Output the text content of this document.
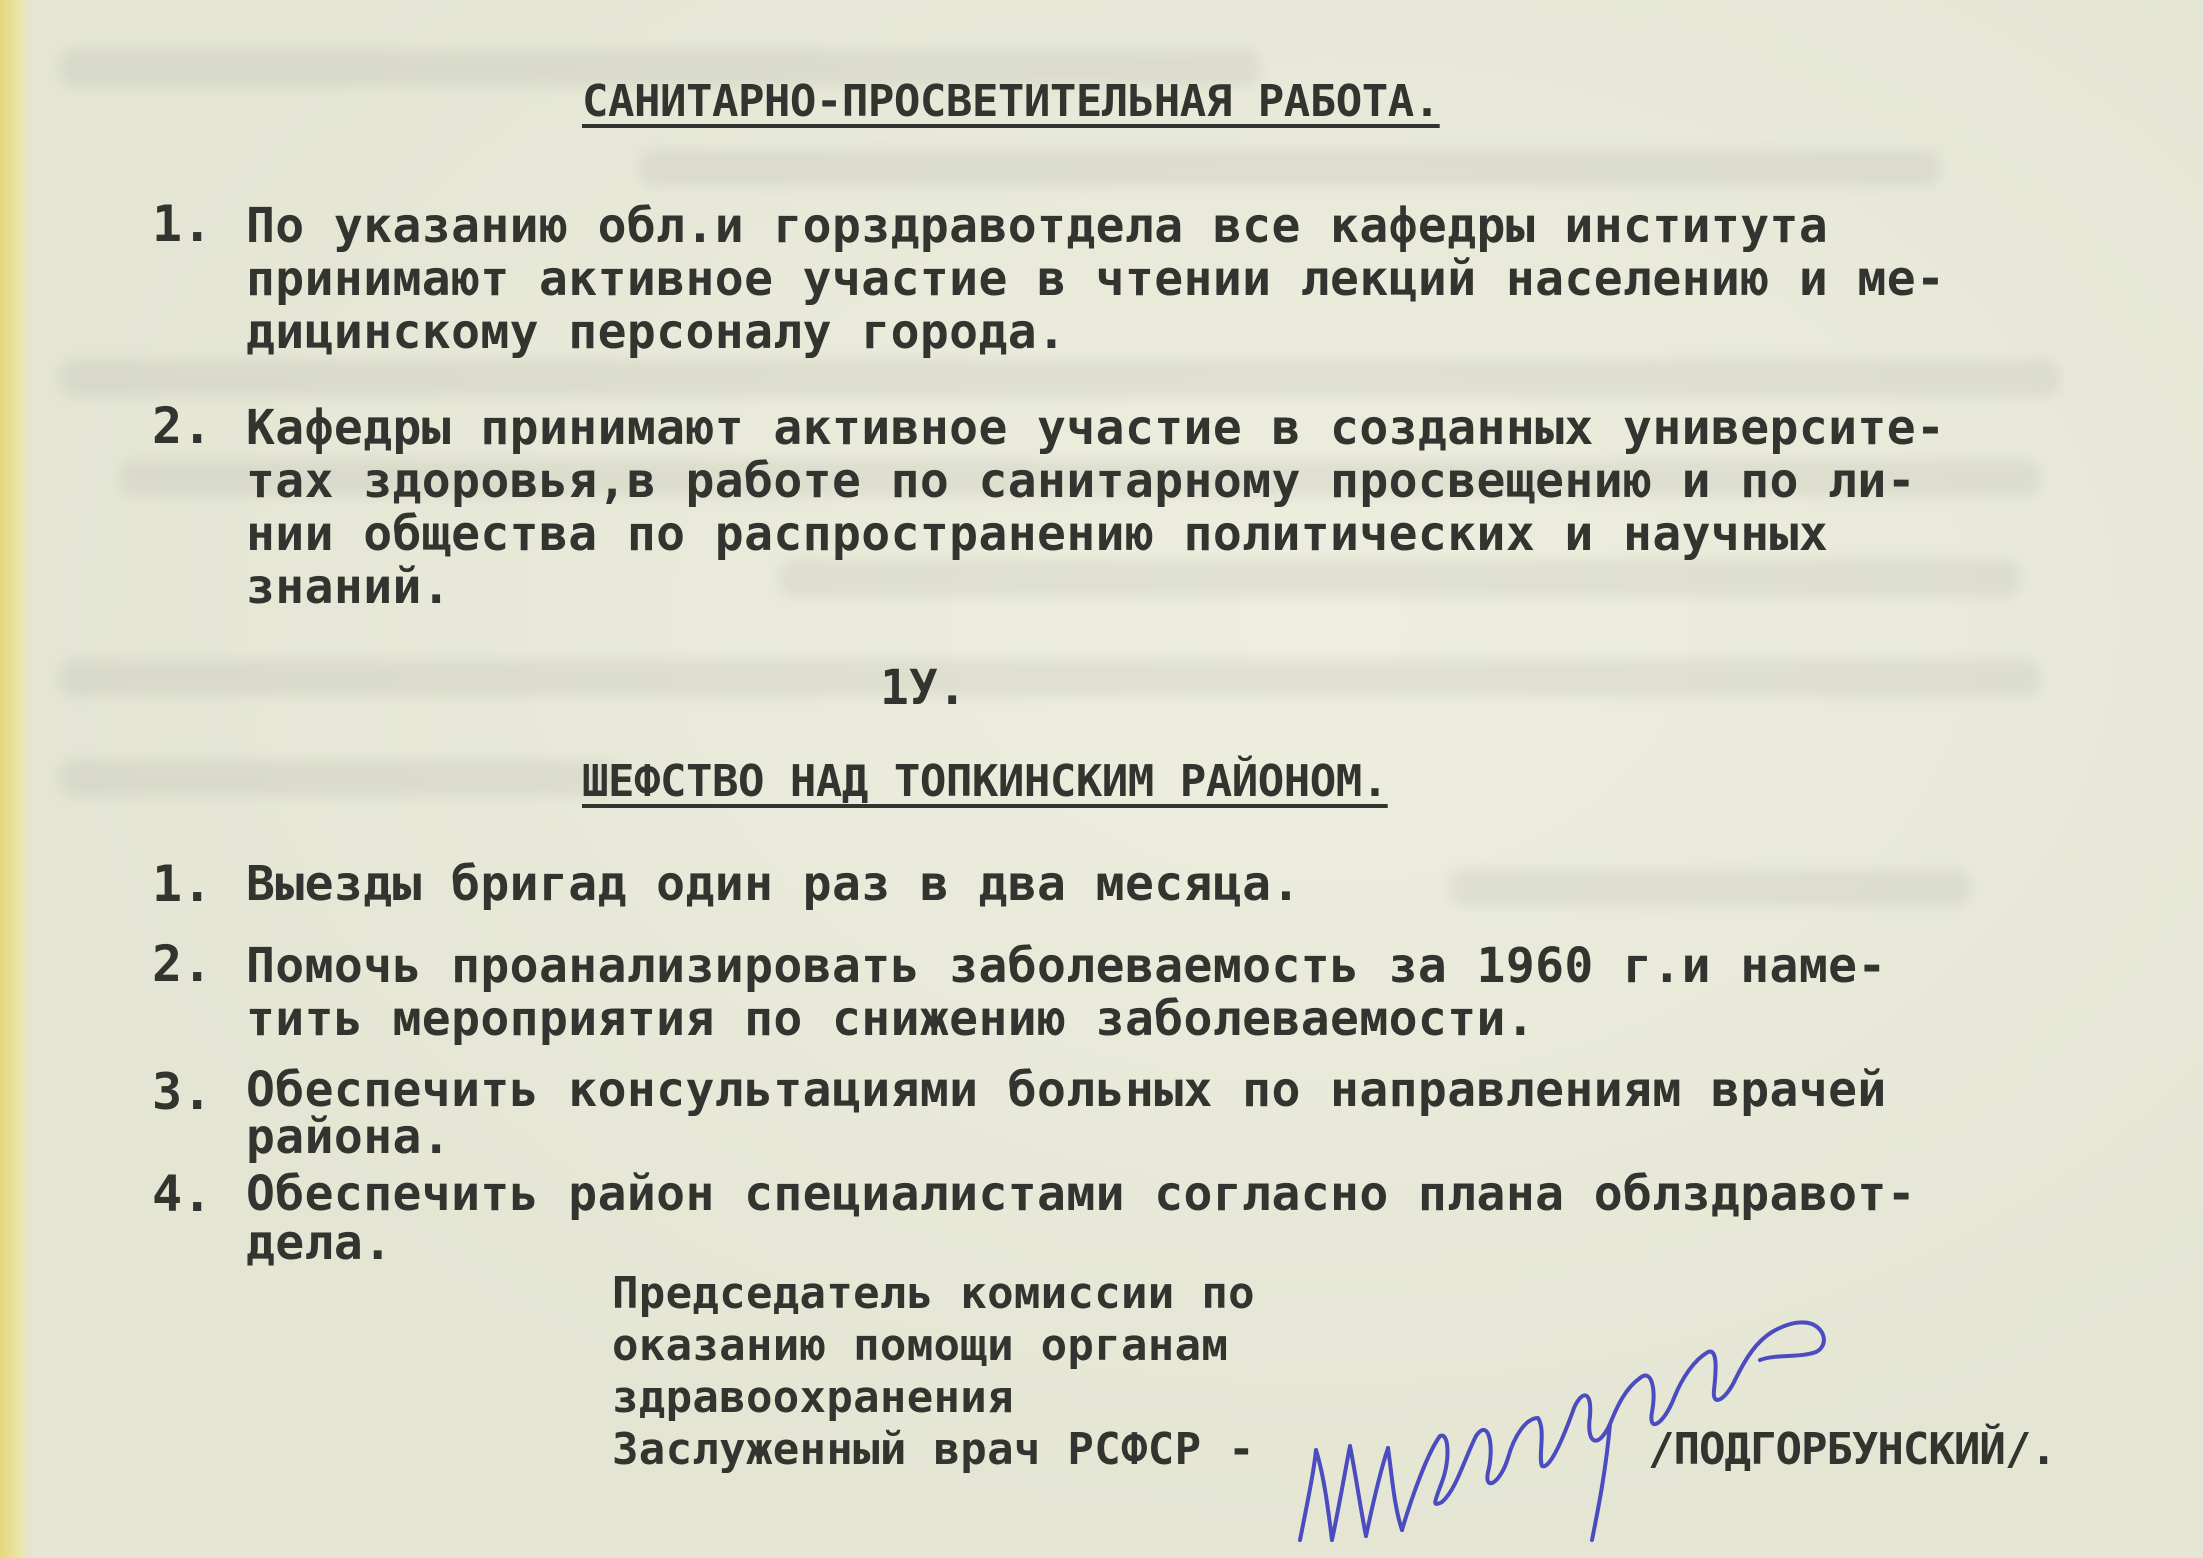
САНИТАРНО-ПРОСВЕТИТЕЛЬНАЯ РАБОТА.
1. По указанию обл.и горздравотдела все кафедры института
принимают активное участие в чтении лекций населению и ме-
дицинскому персоналу города.
2. Кафедры принимают активное участие в созданных университе-
тах здоровья,в работе по санитарному просвещению и по ли-
нии общества по распространению политических и научных
знаний.
1У.
ШЕФСТВО НАД ТОПКИНСКИМ РАЙОНОМ.
1. Выезды бригад один раз в два месяца.
2. Помочь проанализировать заболеваемость за 1960 г.и наме-
тить мероприятия по снижению заболеваемости.
3. Обеспечить консультациями больных по направлениям врачей
района.
4. Обеспечить район специалистами согласно плана облздравот-
дела.
Председатель комиссии по
оказанию помощи органам
здравоохранения
Заслуженный врач РСФСР -	/ПОДГОРБУНСКИЙ/.
